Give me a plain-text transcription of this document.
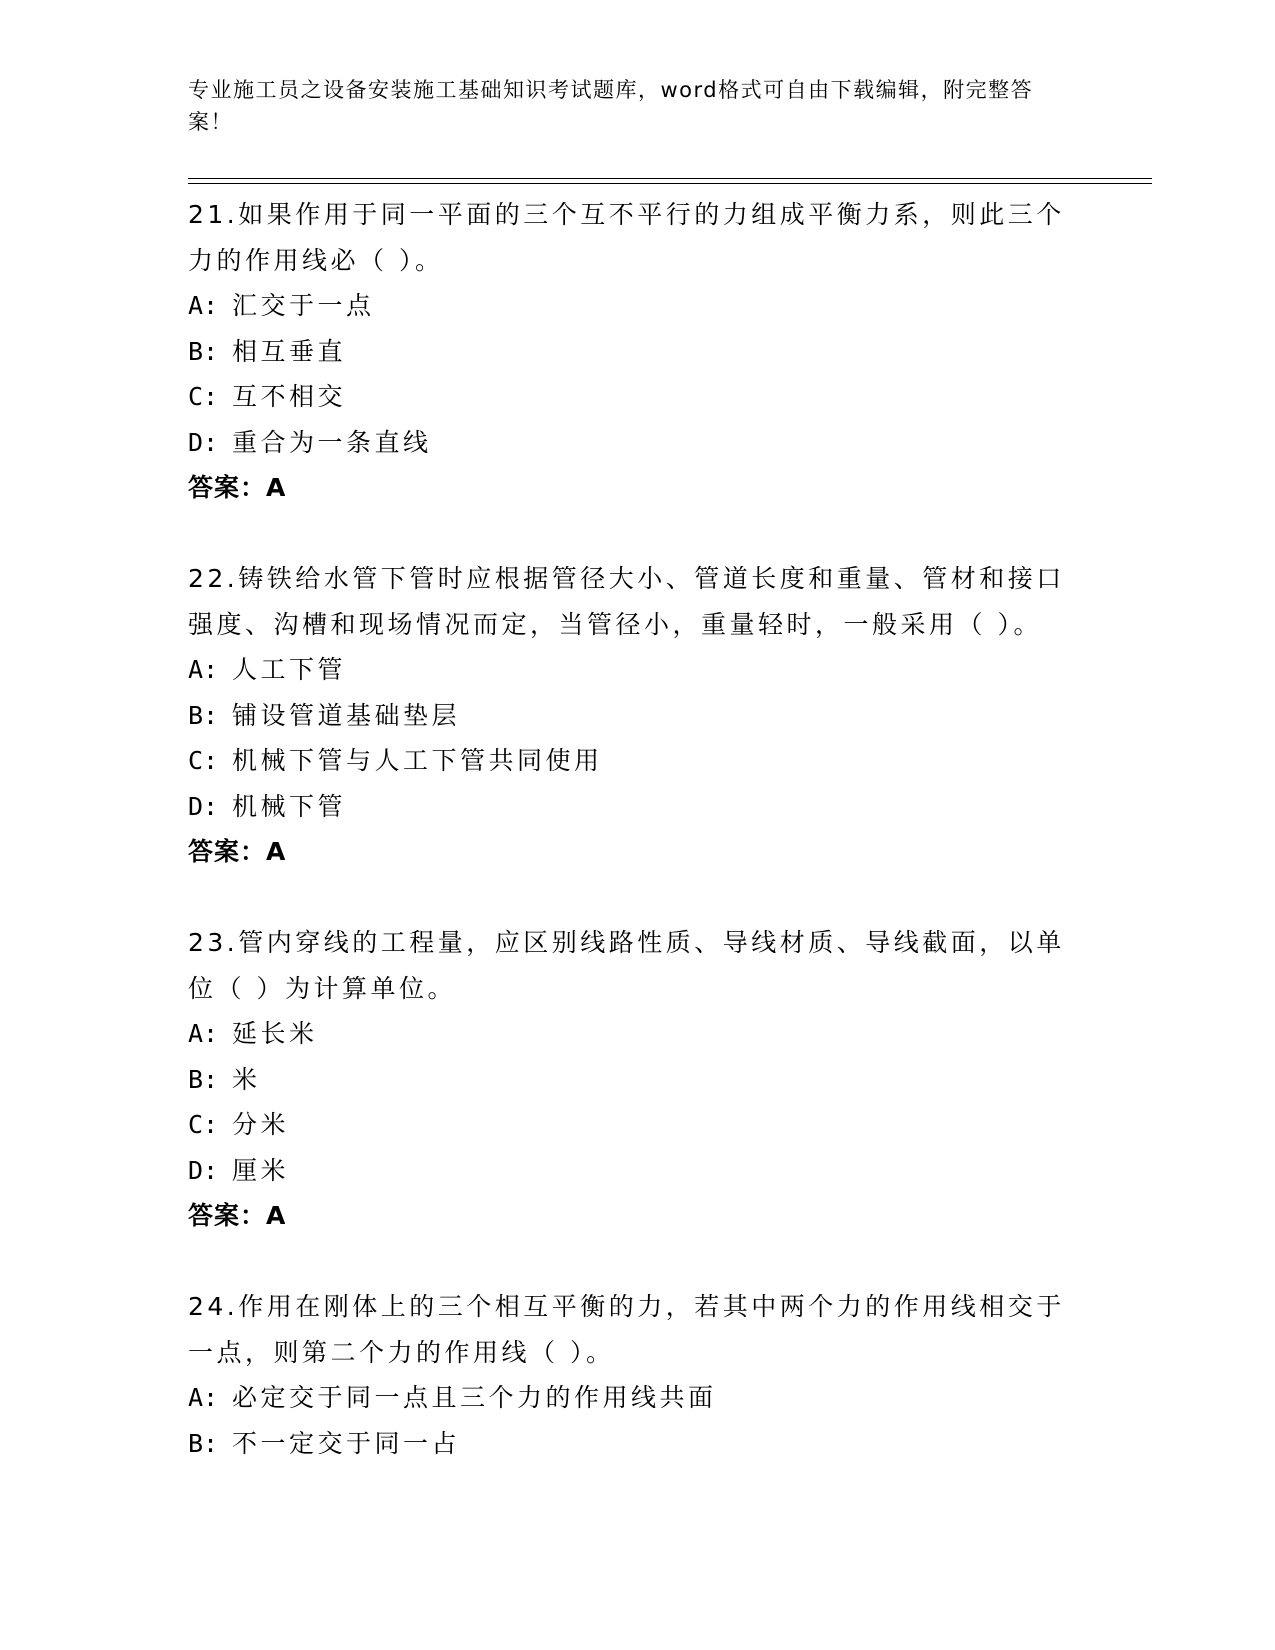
专业施工员之设备安装施工基础知识考试题库，word格式可自由下载编辑，附完整答案！
21.如果作用于同一平面的三个互不平行的力组成平衡力系，则此三个力的作用线必（ ）。
A: 汇交于一点
B: 相互垂直
C: 互不相交
D: 重合为一条直线
答案：A
22.铸铁给水管下管时应根据管径大小、管道长度和重量、管材和接口强度、沟槽和现场情况而定，当管径小，重量轻时，一般采用（ ）。
A: 人工下管
B: 铺设管道基础垫层
C: 机械下管与人工下管共同使用
D: 机械下管
答案：A
23.管内穿线的工程量，应区别线路性质、导线材质、导线截面，以单位（ ）为计算单位。
A: 延长米
B: 米
C: 分米
D: 厘米
答案：A
24.作用在刚体上的三个相互平衡的力，若其中两个力的作用线相交于一点，则第二个力的作用线（ ）。
A: 必定交于同一点且三个力的作用线共面
B: 不一定交于同一占
